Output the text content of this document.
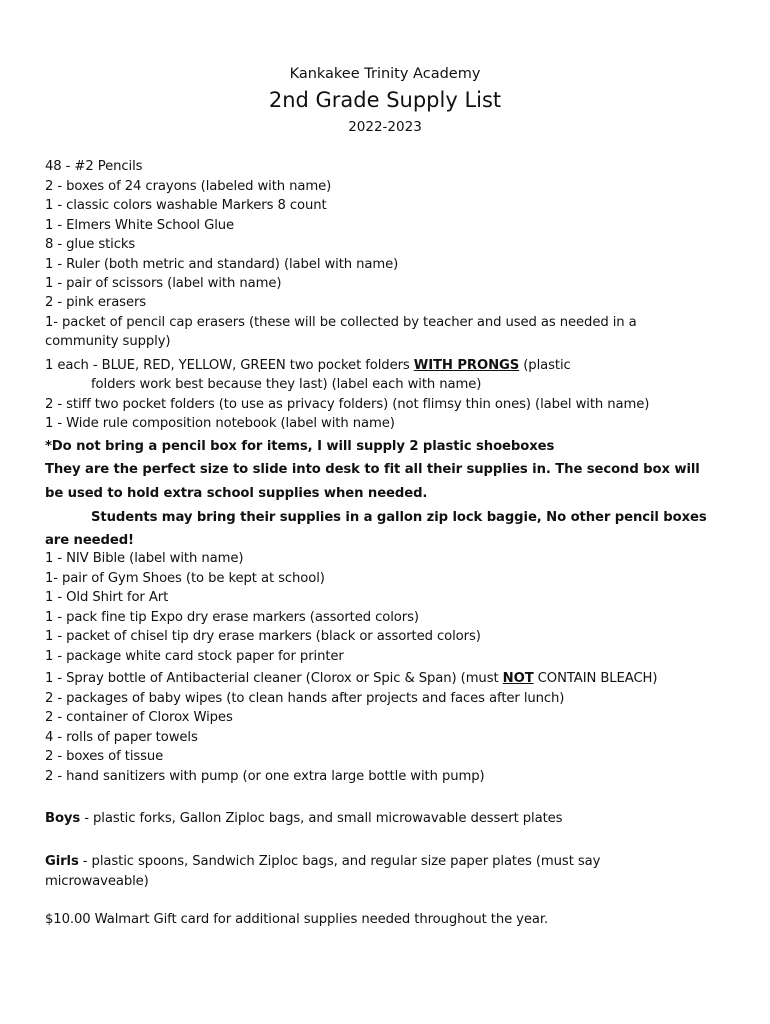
Kankakee Trinity Academy
2nd Grade Supply List
2022-2023
48 - #2 Pencils
2 - boxes of 24 crayons (labeled with name)
1 - classic colors washable Markers 8 count
1 - Elmers White School Glue
8 - glue sticks
1 - Ruler (both metric and standard) (label with name)
1 - pair of scissors (label with name)
2 - pink erasers
1- packet of pencil cap erasers (these will be collected by teacher and used as needed in a
community supply)
1 each - BLUE, RED, YELLOW, GREEN two pocket folders WITH PRONGS (plastic
folders work best because they last) (label each with name)
2 - stiff two pocket folders (to use as privacy folders) (not flimsy thin ones) (label with name)
1 - Wide rule composition notebook (label with name)
*Do not bring a pencil box for items, I will supply 2 plastic shoeboxes
They are the perfect size to slide into desk to fit all their supplies in. The second box will
be used to hold extra school supplies when needed.
Students may bring their supplies in a gallon zip lock baggie, No other pencil boxes
are needed!
1 - NIV Bible (label with name)
1- pair of Gym Shoes (to be kept at school)
1 - Old Shirt for Art
1 - pack fine tip Expo dry erase markers (assorted colors)
1 - packet of chisel tip dry erase markers (black or assorted colors)
1 - package white card stock paper for printer
1 - Spray bottle of Antibacterial cleaner (Clorox or Spic & Span) (must NOT CONTAIN BLEACH)
2 - packages of baby wipes (to clean hands after projects and faces after lunch)
2 - container of Clorox Wipes
4 - rolls of paper towels
2 - boxes of tissue
2 - hand sanitizers with pump (or one extra large bottle with pump)
Boys - plastic forks, Gallon Ziploc bags, and small microwavable dessert plates
Girls - plastic spoons, Sandwich Ziploc bags, and regular size paper plates (must say
microwaveable)
$10.00 Walmart Gift card for additional supplies needed throughout the year.
